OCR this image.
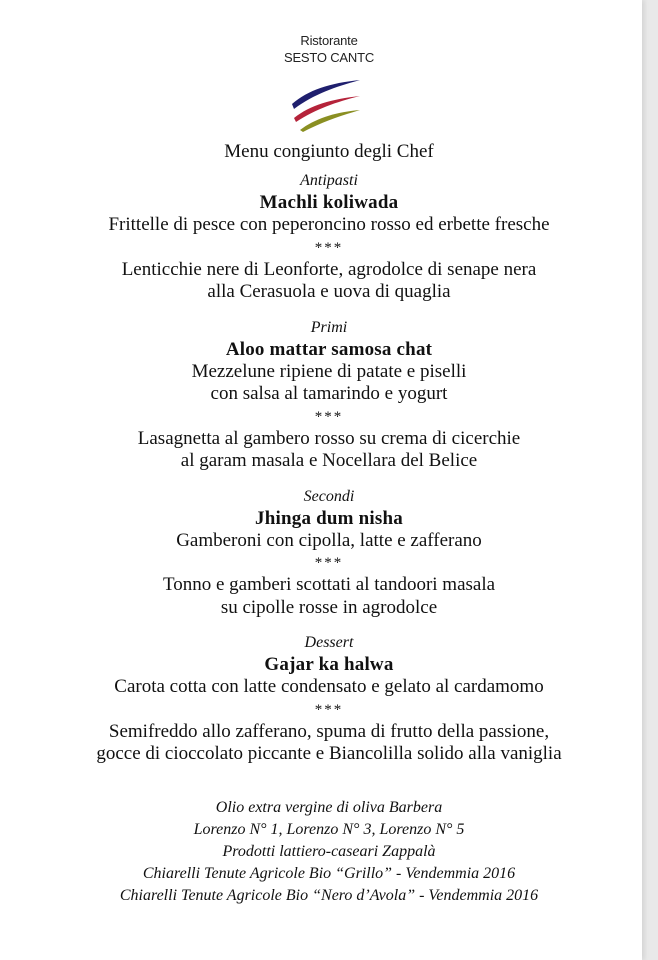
Ristorante
SESTO CANTC
Menu congiunto degli Chef
Antipasti
Machli koliwada
Frittelle di pesce con peperoncino rosso ed erbette fresche
***
Lenticchie nere di Leonforte, agrodolce di senape nera
alla Cerasuola e uova di quaglia
Primi
Aloo mattar samosa chat
Mezzelune ripiene di patate e piselli
con salsa al tamarindo e yogurt
***
Lasagnetta al gambero rosso su crema di cicerchie
al garam masala e Nocellara del Belice
Secondi
Jhinga dum nisha
Gamberoni con cipolla, latte e zafferano
***
Tonno e gamberi scottati al tandoori masala
su cipolle rosse in agrodolce
Dessert
Gajar ka halwa
Carota cotta con latte condensato e gelato al cardamomo
***
Semifreddo allo zafferano, spuma di frutto della passione,
gocce di cioccolato piccante e Biancolilla solido alla vaniglia
Olio extra vergine di oliva Barbera
Lorenzo N° 1, Lorenzo N° 3, Lorenzo N° 5
Prodotti lattiero-caseari Zappalà
Chiarelli Tenute Agricole Bio “Grillo” - Vendemmia 2016
Chiarelli Tenute Agricole Bio “Nero d’Avola” - Vendemmia 2016
